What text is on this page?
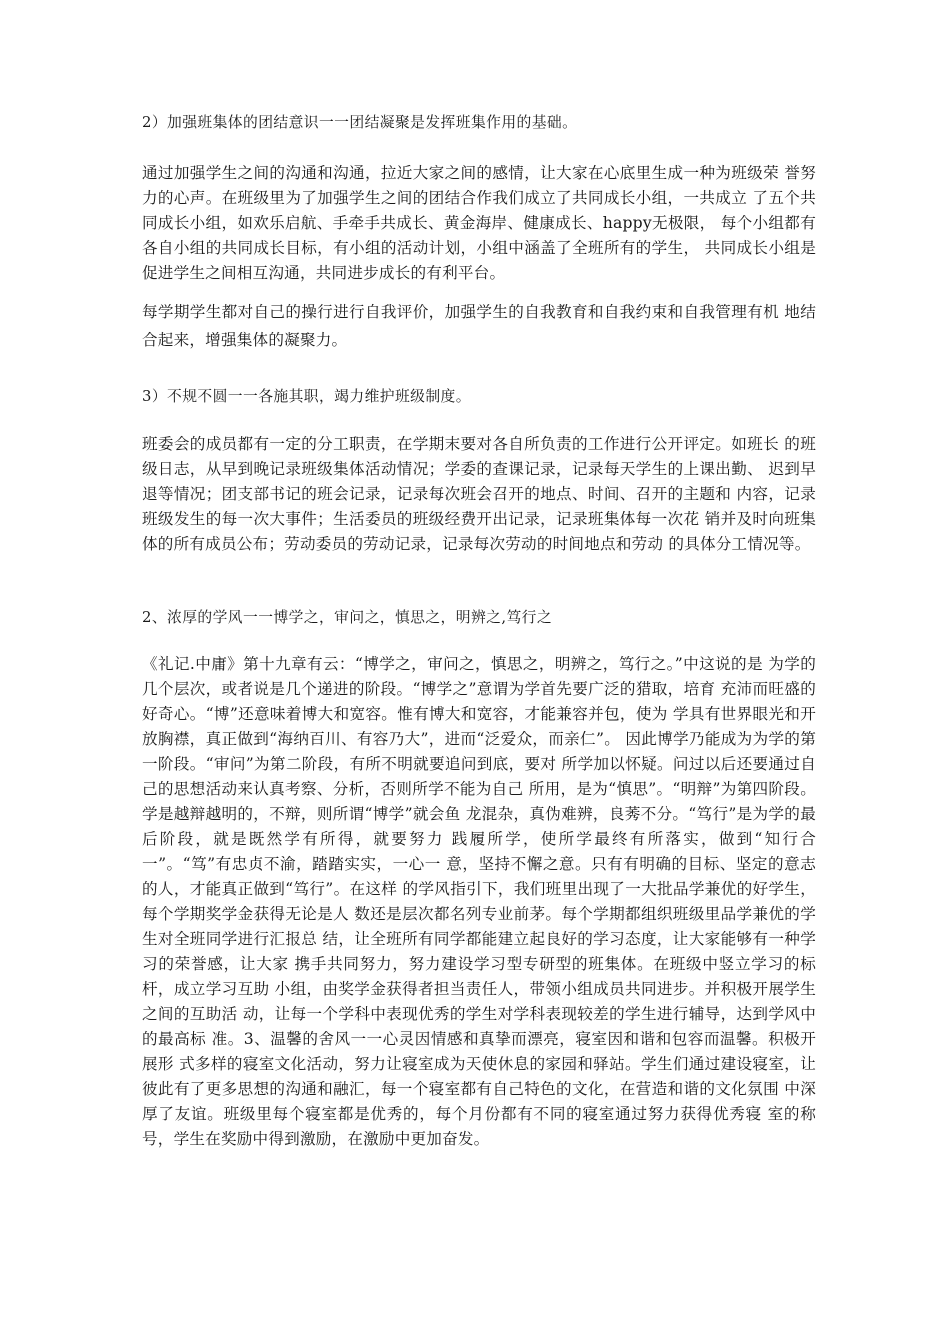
2）加强班集体的团结意识一一团结凝聚是发挥班集作用的基础。

通过加强学生之间的沟通和沟通，拉近大家之间的感情，让大家在心底里生成一种为班级荣 誉努力的心声。在班级里为了加强学生之间的团结合作我们成立了共同成长小组，一共成立 了五个共同成长小组，如欢乐启航、手牵手共成长、黄金海岸、健康成长、happy无极限， 每个小组都有各自小组的共同成长目标，有小组的活动计划，小组中涵盖了全班所有的学生， 共同成长小组是促进学生之间相互沟通，共同进步成长的有利平台。

每学期学生都对自己的操行进行自我评价，加强学生的自我教育和自我约束和自我管理有机 地结合起来，增强集体的凝聚力。

3）不规不圆一一各施其职，竭力维护班级制度。

班委会的成员都有一定的分工职责，在学期末要对各自所负责的工作进行公开评定。如班长 的班级日志，从早到晚记录班级集体活动情况；学委的查课记录，记录每天学生的上课出勤、 迟到早退等情况；团支部书记的班会记录，记录每次班会召开的地点、时间、召开的主题和 内容，记录班级发生的每一次大事件；生活委员的班级经费开出记录，记录班集体每一次花 销并及时向班集体的所有成员公布；劳动委员的劳动记录，记录每次劳动的时间地点和劳动 的具体分工情况等。

2、浓厚的学风一一博学之，审问之，慎思之，明辨之,笃行之

《礼记.中庸》第十九章有云：“博学之，审问之，慎思之，明辨之，笃行之。”中这说的是 为学的几个层次，或者说是几个递进的阶段。“博学之”意谓为学首先要广泛的猎取，培育 充沛而旺盛的好奇心。“博”还意味着博大和宽容。惟有博大和宽容，才能兼容并包，使为 学具有世界眼光和开放胸襟，真正做到“海纳百川、有容乃大”，进而“泛爱众，而亲仁”。 因此博学乃能成为为学的第一阶段。“审问”为第二阶段，有所不明就要追问到底，要对 所学加以怀疑。问过以后还要通过自己的思想活动来认真考察、分析，否则所学不能为自己 所用，是为“慎思”。“明辩”为第四阶段。学是越辩越明的，不辩，则所谓“博学”就会鱼 龙混杂，真伪难辨，良莠不分。“笃行”是为学的最后阶段，就是既然学有所得，就要努力 践履所学，使所学最终有所落实，做到“知行合一”。“笃”有忠贞不渝，踏踏实实，一心一 意，坚持不懈之意。只有有明确的目标、坚定的意志的人，才能真正做到“笃行”。在这样 的学风指引下，我们班里出现了一大批品学兼优的好学生，每个学期奖学金获得无论是人 数还是层次都名列专业前茅。每个学期都组织班级里品学兼优的学生对全班同学进行汇报总 结，让全班所有同学都能建立起良好的学习态度，让大家能够有一种学习的荣誉感，让大家 携手共同努力，努力建设学习型专研型的班集体。在班级中竖立学习的标杆，成立学习互助 小组，由奖学金获得者担当责任人，带领小组成员共同进步。并积极开展学生之间的互助活 动，让每一个学科中表现优秀的学生对学科表现较差的学生进行辅导，达到学风中的最高标 准。3、温馨的舍风一一心灵因情感和真挚而漂亮，寝室因和谐和包容而温馨。积极开展形 式多样的寝室文化活动，努力让寝室成为天使休息的家园和驿站。学生们通过建设寝室，让 彼此有了更多思想的沟通和融汇，每一个寝室都有自己特色的文化，在营造和谐的文化氛围 中深厚了友谊。班级里每个寝室都是优秀的，每个月份都有不同的寝室通过努力获得优秀寝 室的称号，学生在奖励中得到激励，在激励中更加奋发。
